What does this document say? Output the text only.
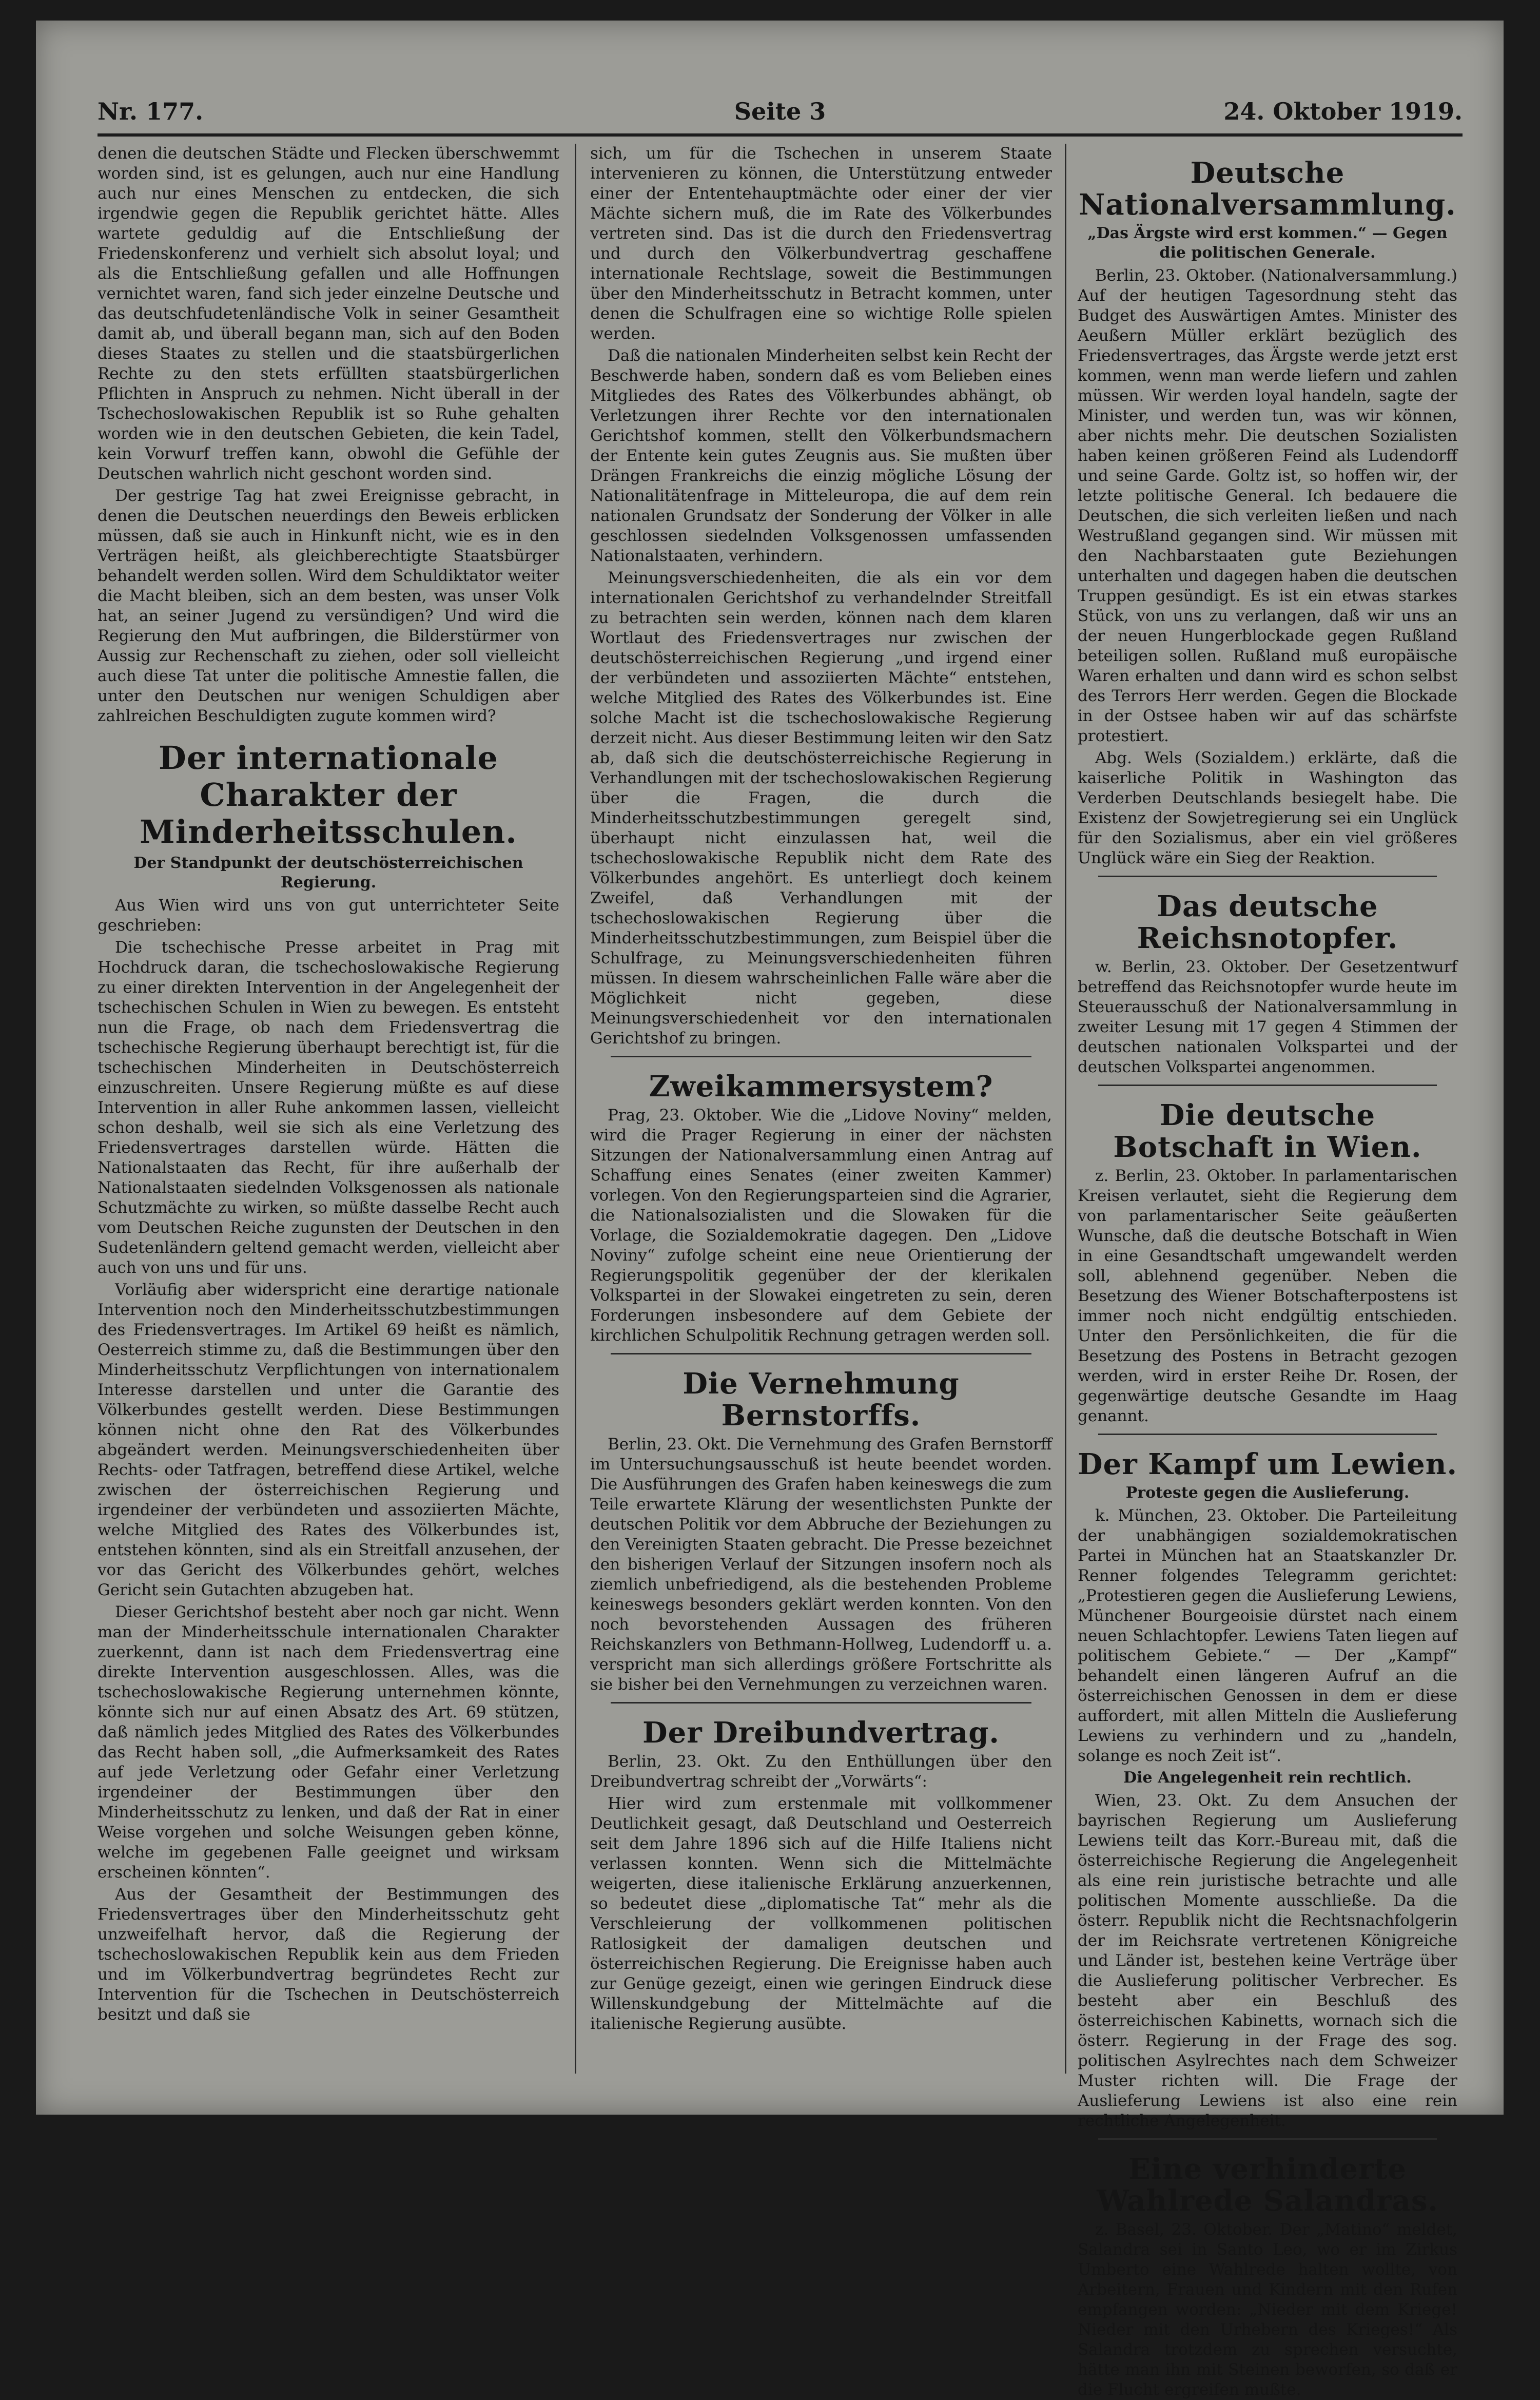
Nr. 177.	Seite 3	24. Oktober 1919.

denen die deutschen Städte und Flecken überschwemmt worden sind, ist es gelungen, auch nur eine Handlung auch nur eines Menschen zu entdecken, die sich irgendwie gegen die Republik gerichtet hätte. Alles wartete geduldig auf die Entschließung der Friedenskonferenz und verhielt sich absolut loyal; und als die Entschließung gefallen und alle Hoffnungen vernichtet waren, fand sich jeder einzelne Deutsche und das deutschfudetenländische Volk in seiner Gesamtheit damit ab, und überall begann man, sich auf den Boden dieses Staates zu stellen und die staatsbürgerlichen Rechte zu den stets erfüllten staatsbürgerlichen Pflichten in Anspruch zu nehmen. Nicht überall in der Tschechoslowakischen Republik ist so Ruhe gehalten worden wie in den deutschen Gebieten, die kein Tadel, kein Vorwurf treffen kann, obwohl die Gefühle der Deutschen wahrlich nicht geschont worden sind.

Der gestrige Tag hat zwei Ereignisse gebracht, in denen die Deutschen neuerdings den Beweis erblicken müssen, daß sie auch in Hinkunft nicht, wie es in den Verträgen heißt, als gleichberechtigte Staatsbürger behandelt werden sollen. Wird dem Schuldiktator weiter die Macht bleiben, sich an dem besten, was unser Volk hat, an seiner Jugend zu versündigen? Und wird die Regierung den Mut aufbringen, die Bilderstürmer von Aussig zur Rechenschaft zu ziehen, oder soll vielleicht auch diese Tat unter die politische Amnestie fallen, die unter den Deutschen nur wenigen Schuldigen aber zahlreichen Beschuldigten zugute kommen wird?

Der internationale Charakter der Minderheitsschulen.
Der Standpunkt der deutschösterreichischen Regierung.

Aus Wien wird uns von gut unterrichteter Seite geschrieben:

Die tschechische Presse arbeitet in Prag mit Hochdruck daran, die tschechoslowakische Regierung zu einer direkten Intervention in der Angelegenheit der tschechischen Schulen in Wien zu bewegen. Es entsteht nun die Frage, ob nach dem Friedensvertrag die tschechische Regierung überhaupt berechtigt ist, für die tschechischen Minderheiten in Deutschösterreich einzuschreiten. Unsere Regierung müßte es auf diese Intervention in aller Ruhe ankommen lassen, vielleicht schon deshalb, weil sie sich als eine Verletzung des Friedensvertrages darstellen würde. Hätten die Nationalstaaten das Recht, für ihre außerhalb der Nationalstaaten siedelnden Volksgenossen als nationale Schutzmächte zu wirken, so müßte dasselbe Recht auch vom Deutschen Reiche zugunsten der Deutschen in den Sudetenländern geltend gemacht werden, vielleicht aber auch von uns und für uns.

Vorläufig aber widerspricht eine derartige nationale Intervention noch den Minderheitsschutzbestimmungen des Friedensvertrages. Im Artikel 69 heißt es nämlich, Oesterreich stimme zu, daß die Bestimmungen über den Minderheitsschutz Verpflichtungen von internationalem Interesse darstellen und unter die Garantie des Völkerbundes gestellt werden. Diese Bestimmungen können nicht ohne den Rat des Völkerbundes abgeändert werden. Meinungsverschiedenheiten über Rechts- oder Tatfragen, betreffend diese Artikel, welche zwischen der österreichischen Regierung und irgendeiner der verbündeten und assoziierten Mächte, welche Mitglied des Rates des Völkerbundes ist, entstehen könnten, sind als ein Streitfall anzusehen, der vor das Gericht des Völkerbundes gehört, welches Gericht sein Gutachten abzugeben hat.

Dieser Gerichtshof besteht aber noch gar nicht. Wenn man der Minderheitsschule internationalen Charakter zuerkennt, dann ist nach dem Friedensvertrag eine direkte Intervention ausgeschlossen. Alles, was die tschechoslowakische Regierung unternehmen könnte, könnte sich nur auf einen Absatz des Art. 69 stützen, daß nämlich jedes Mitglied des Rates des Völkerbundes das Recht haben soll, „die Aufmerksamkeit des Rates auf jede Verletzung oder Gefahr einer Verletzung irgendeiner der Bestimmungen über den Minderheitsschutz zu lenken, und daß der Rat in einer Weise vorgehen und solche Weisungen geben könne, welche im gegebenen Falle geeignet und wirksam erscheinen könnten“.

Aus der Gesamtheit der Bestimmungen des Friedensvertrages über den Minderheitsschutz geht unzweifelhaft hervor, daß die Regierung der tschechoslowakischen Republik kein aus dem Frieden und im Völkerbundvertrag begründetes Recht zur Intervention für die Tschechen in Deutschösterreich besitzt und daß sie

sich, um für die Tschechen in unserem Staate intervenieren zu können, die Unterstützung entweder einer der Ententehauptmächte oder einer der vier Mächte sichern muß, die im Rate des Völkerbundes vertreten sind. Das ist die durch den Friedensvertrag und durch den Völkerbundvertrag geschaffene internationale Rechtslage, soweit die Bestimmungen über den Minderheitsschutz in Betracht kommen, unter denen die Schulfragen eine so wichtige Rolle spielen werden.

Daß die nationalen Minderheiten selbst kein Recht der Beschwerde haben, sondern daß es vom Belieben eines Mitgliedes des Rates des Völkerbundes abhängt, ob Verletzungen ihrer Rechte vor den internationalen Gerichtshof kommen, stellt den Völkerbundsmachern der Entente kein gutes Zeugnis aus. Sie mußten über Drängen Frankreichs die einzig mögliche Lösung der Nationalitätenfrage in Mitteleuropa, die auf dem rein nationalen Grundsatz der Sonderung der Völker in alle geschlossen siedelnden Volksgenossen umfassenden Nationalstaaten, verhindern.

Meinungsverschiedenheiten, die als ein vor dem internationalen Gerichtshof zu verhandelnder Streitfall zu betrachten sein werden, können nach dem klaren Wortlaut des Friedensvertrages nur zwischen der deutschösterreichischen Regierung „und irgend einer der verbündeten und assoziierten Mächte“ entstehen, welche Mitglied des Rates des Völkerbundes ist. Eine solche Macht ist die tschechoslowakische Regierung derzeit nicht. Aus dieser Bestimmung leiten wir den Satz ab, daß sich die deutschösterreichische Regierung in Verhandlungen mit der tschechoslowakischen Regierung über die Fragen, die durch die Minderheitsschutzbestimmungen geregelt sind, überhaupt nicht einzulassen hat, weil die tschechoslowakische Republik nicht dem Rate des Völkerbundes angehört. Es unterliegt doch keinem Zweifel, daß Verhandlungen mit der tschechoslowakischen Regierung über die Minderheitsschutzbestimmungen, zum Beispiel über die Schulfrage, zu Meinungsverschiedenheiten führen müssen. In diesem wahrscheinlichen Falle wäre aber die Möglichkeit nicht gegeben, diese Meinungsverschiedenheit vor den internationalen Gerichtshof zu bringen.

Zweikammersystem?

Prag, 23. Oktober. Wie die „Lidove Noviny“ melden, wird die Prager Regierung in einer der nächsten Sitzungen der Nationalversammlung einen Antrag auf Schaffung eines Senates (einer zweiten Kammer) vorlegen. Von den Regierungsparteien sind die Agrarier, die Nationalsozialisten und die Slowaken für die Vorlage, die Sozialdemokratie dagegen. Den „Lidove Noviny“ zufolge scheint eine neue Orientierung der Regierungspolitik gegenüber der der klerikalen Volkspartei in der Slowakei eingetreten zu sein, deren Forderungen insbesondere auf dem Gebiete der kirchlichen Schulpolitik Rechnung getragen werden soll.

Die Vernehmung Bernstorffs.

Berlin, 23. Okt. Die Vernehmung des Grafen Bernstorff im Untersuchungsausschuß ist heute beendet worden. Die Ausführungen des Grafen haben keineswegs die zum Teile erwartete Klärung der wesentlichsten Punkte der deutschen Politik vor dem Abbruche der Beziehungen zu den Vereinigten Staaten gebracht. Die Presse bezeichnet den bisherigen Verlauf der Sitzungen insofern noch als ziemlich unbefriedigend, als die bestehenden Probleme keineswegs besonders geklärt werden konnten. Von den noch bevorstehenden Aussagen des früheren Reichskanzlers von Bethmann-Hollweg, Ludendorff u. a. verspricht man sich allerdings größere Fortschritte als sie bisher bei den Vernehmungen zu verzeichnen waren.

Der Dreibundvertrag.

Berlin, 23. Okt. Zu den Enthüllungen über den Dreibundvertrag schreibt der „Vorwärts“:

Hier wird zum erstenmale mit vollkommener Deutlichkeit gesagt, daß Deutschland und Oesterreich seit dem Jahre 1896 sich auf die Hilfe Italiens nicht verlassen konnten. Wenn sich die Mittelmächte weigerten, diese italienische Erklärung anzuerkennen, so bedeutet diese „diplomatische Tat“ mehr als die Verschleierung der vollkommenen politischen Ratlosigkeit der damaligen deutschen und österreichischen Regierung. Die Ereignisse haben auch zur Genüge gezeigt, einen wie geringen Eindruck diese Willenskundgebung der Mittelmächte auf die italienische Regierung ausübte.

Deutsche Nationalversammlung.
„Das Ärgste wird erst kommen.“ — Gegen die politischen Generale.

Berlin, 23. Oktober. (Nationalversammlung.) Auf der heutigen Tagesordnung steht das Budget des Auswärtigen Amtes. Minister des Aeußern Müller erklärt bezüglich des Friedensvertrages, das Ärgste werde jetzt erst kommen, wenn man werde liefern und zahlen müssen. Wir werden loyal handeln, sagte der Minister, und werden tun, was wir können, aber nichts mehr. Die deutschen Sozialisten haben keinen größeren Feind als Ludendorff und seine Garde. Goltz ist, so hoffen wir, der letzte politische General. Ich bedauere die Deutschen, die sich verleiten ließen und nach Westrußland gegangen sind. Wir müssen mit den Nachbarstaaten gute Beziehungen unterhalten und dagegen haben die deutschen Truppen gesündigt. Es ist ein etwas starkes Stück, von uns zu verlangen, daß wir uns an der neuen Hungerblockade gegen Rußland beteiligen sollen. Rußland muß europäische Waren erhalten und dann wird es schon selbst des Terrors Herr werden. Gegen die Blockade in der Ostsee haben wir auf das schärfste protestiert.

Abg. Wels (Sozialdem.) erklärte, daß die kaiserliche Politik in Washington das Verderben Deutschlands besiegelt habe. Die Existenz der Sowjetregierung sei ein Unglück für den Sozialismus, aber ein viel größeres Unglück wäre ein Sieg der Reaktion.

Das deutsche Reichsnotopfer.

w. Berlin, 23. Oktober. Der Gesetzentwurf betreffend das Reichsnotopfer wurde heute im Steuerausschuß der Nationalversammlung in zweiter Lesung mit 17 gegen 4 Stimmen der deutschen nationalen Volkspartei und der deutschen Volkspartei angenommen.

Die deutsche Botschaft in Wien.

z. Berlin, 23. Oktober. In parlamentarischen Kreisen verlautet, sieht die Regierung dem von parlamentarischer Seite geäußerten Wunsche, daß die deutsche Botschaft in Wien in eine Gesandtschaft umgewandelt werden soll, ablehnend gegenüber. Neben die Besetzung des Wiener Botschafterpostens ist immer noch nicht endgültig entschieden. Unter den Persönlichkeiten, die für die Besetzung des Postens in Betracht gezogen werden, wird in erster Reihe Dr. Rosen, der gegenwärtige deutsche Gesandte im Haag genannt.

Der Kampf um Lewien.
Proteste gegen die Auslieferung.

k. München, 23. Oktober. Die Parteileitung der unabhängigen sozialdemokratischen Partei in München hat an Staatskanzler Dr. Renner folgendes Telegramm gerichtet: „Protestieren gegen die Auslieferung Lewiens, Münchener Bourgeoisie dürstet nach einem neuen Schlachtopfer. Lewiens Taten liegen auf politischem Gebiete.“ — Der „Kampf“ behandelt einen längeren Aufruf an die österreichischen Genossen in dem er diese auffordert, mit allen Mitteln die Auslieferung Lewiens zu verhindern und zu „handeln, solange es noch Zeit ist“.

Die Angelegenheit rein rechtlich.

Wien, 23. Okt. Zu dem Ansuchen der bayrischen Regierung um Auslieferung Lewiens teilt das Korr.-Bureau mit, daß die österreichische Regierung die Angelegenheit als eine rein juristische betrachte und alle politischen Momente ausschließe. Da die österr. Republik nicht die Rechtsnachfolgerin der im Reichsrate vertretenen Königreiche und Länder ist, bestehen keine Verträge über die Auslieferung politischer Verbrecher. Es besteht aber ein Beschluß des österreichischen Kabinetts, wornach sich die österr. Regierung in der Frage des sog. politischen Asylrechtes nach dem Schweizer Muster richten will. Die Frage der Auslieferung Lewiens ist also eine rein rechtliche Angelegenheit.

Eine verhinderte Wahlrede Salandras.

z. Basel, 23. Oktober. Der „Matino“ meldet, Salandra sei in Santo Leo, wo er im Zirkus Umberto eine Wahlrede halten wollte, von Arbeitern, Frauen und Kindern mit den Rufen empfangen worden: „Nieder mit dem Kriege! Nieder mit den Urhebern des Krieges!“ Als Salandra trotzdem zu sprechen versuchte, hätte man ihn mit Steinen beworfen, so daß er die Flucht ergreifen mußte.
